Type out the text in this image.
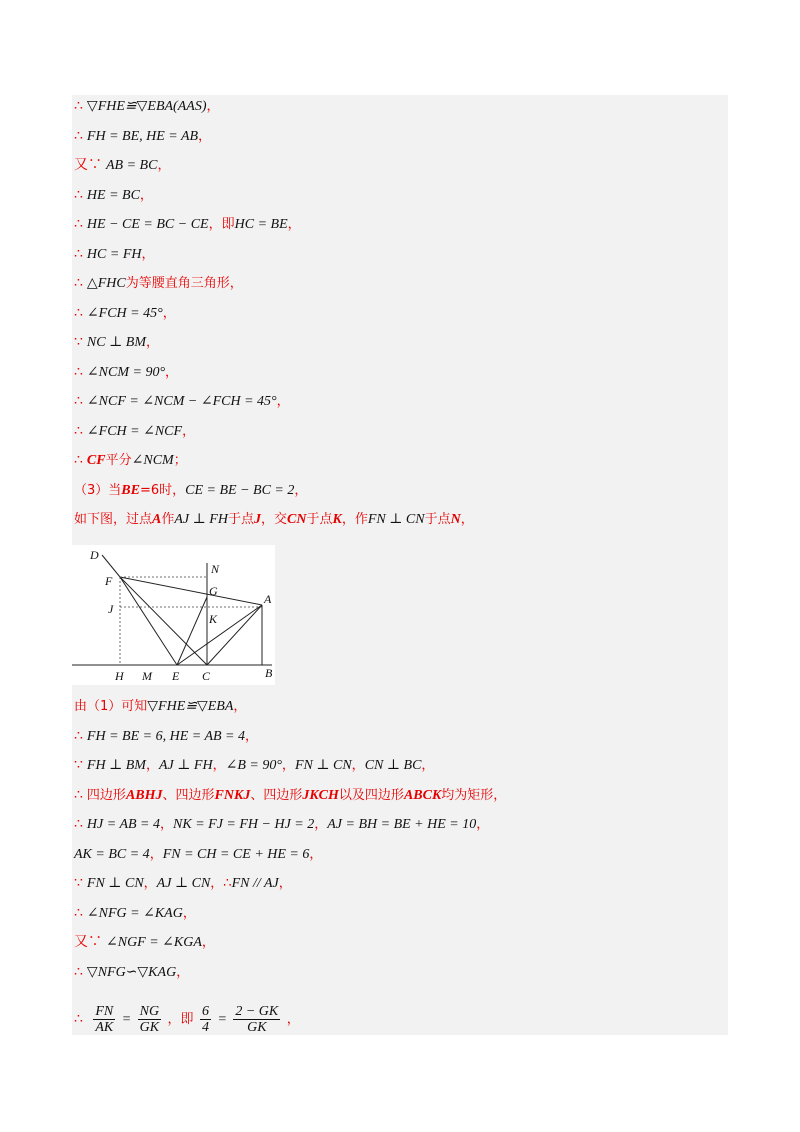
∴ ▽FHE≌▽EBA(AAS)，
∴ FH = BE, HE = AB，
又∵ AB = BC，
∴ HE = BC，
∴ HE − CE = BC − CE，即HC = BE，
∴ HC = FH，
∴ △FHC为等腰直角三角形，
∴ ∠FCH = 45°，
∵ NC ⊥ BM，
∴ ∠NCM = 90°，
∴ ∠NCF = ∠NCM − ∠FCH = 45°，
∴ ∠FCH = ∠NCF，
∴ CF平分∠NCM；
（3）当BE=6时，CE = BE − BC = 2，
如下图，过点A作AJ ⊥ FH于点J，交CN于点K，作FN ⊥ CN于点N，
由（1）可知▽FHE≌▽EBA，
∴ FH = BE = 6, HE = AB = 4，
∵ FH ⊥ BM，AJ ⊥ FH，∠B = 90°，FN ⊥ CN，CN ⊥ BC，
∴ 四边形ABHJ、四边形FNKJ、四边形JKCH以及四边形ABCK均为矩形，
∴ HJ = AB = 4，NK = FJ = FH − HJ = 2，AJ = BH = BE + HE = 10，
AK = BC = 4，FN = CH = CE + HE = 6，
∵ FN ⊥ CN，AJ ⊥ CN，∴FN // AJ，
∴ ∠NFG = ∠KAG，
又∵ ∠NGF = ∠KGA，
∴ ▽NFG∽▽KAG，
D
F
N
G
A
J
K
H M E C	B
∴ $\frac{FN}{AK} = \frac{NG}{GK}$ ，即 $\frac{6}{4} = \frac{2 - GK}{GK}$ ，
